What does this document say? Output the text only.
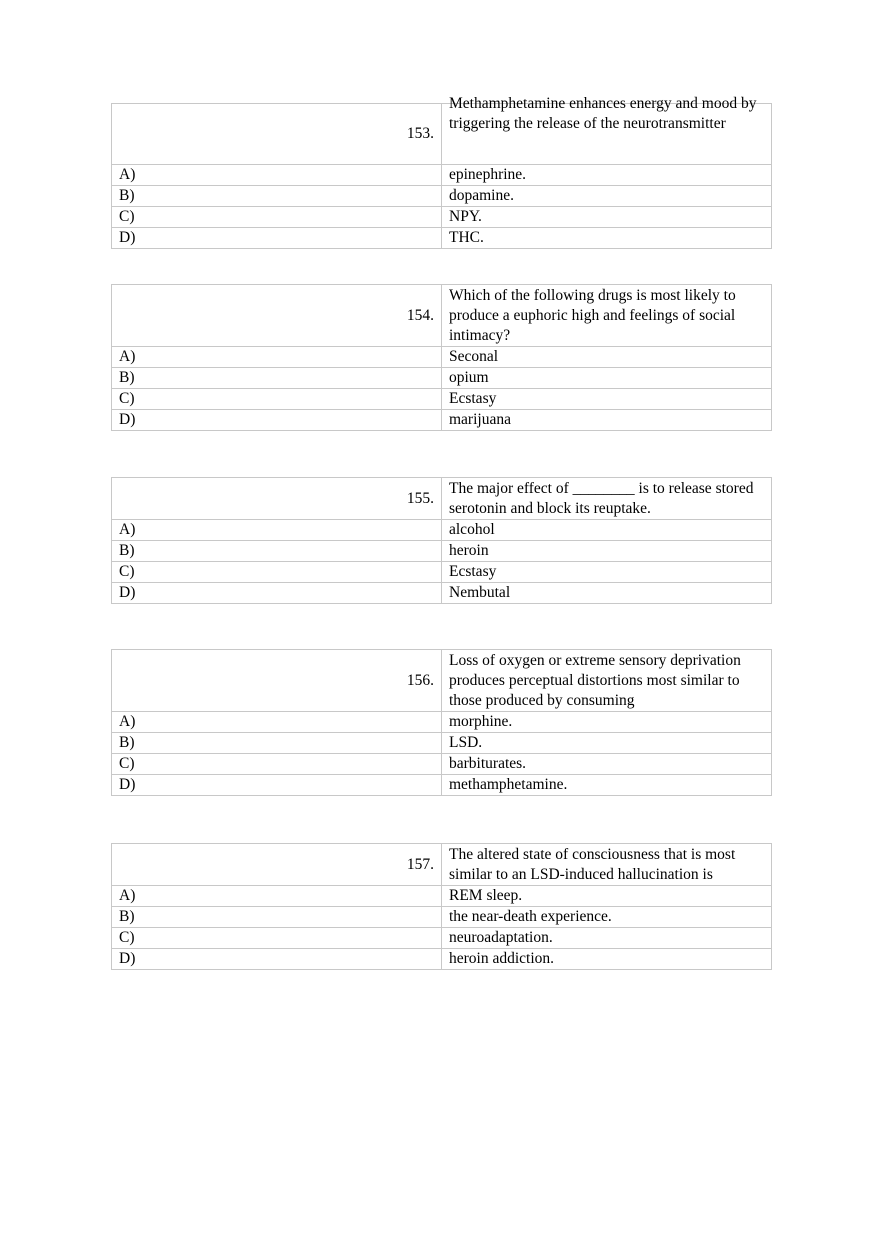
153.	Methamphetamine enhances energy and mood by triggering the release of the neurotransmitter

A)	epinephrine.
B)	dopamine.
C)	NPY.
D)	THC.
154.	Which of the following drugs is most likely to produce a euphoric high and feelings of social intimacy?
A)	Seconal
B)	opium
C)	Ecstasy
D)	marijuana
155.	The major effect of ________ is to release stored serotonin and block its reuptake.
A)	alcohol
B)	heroin
C)	Ecstasy
D)	Nembutal
156.	Loss of oxygen or extreme sensory deprivation produces perceptual distortions most similar to those produced by consuming
A)	morphine.
B)	LSD.
C)	barbiturates.
D)	methamphetamine.
157.	The altered state of consciousness that is most similar to an LSD-induced hallucination is
A)	REM sleep.
B)	the near-death experience.
C)	neuroadaptation.
D)	heroin addiction.
